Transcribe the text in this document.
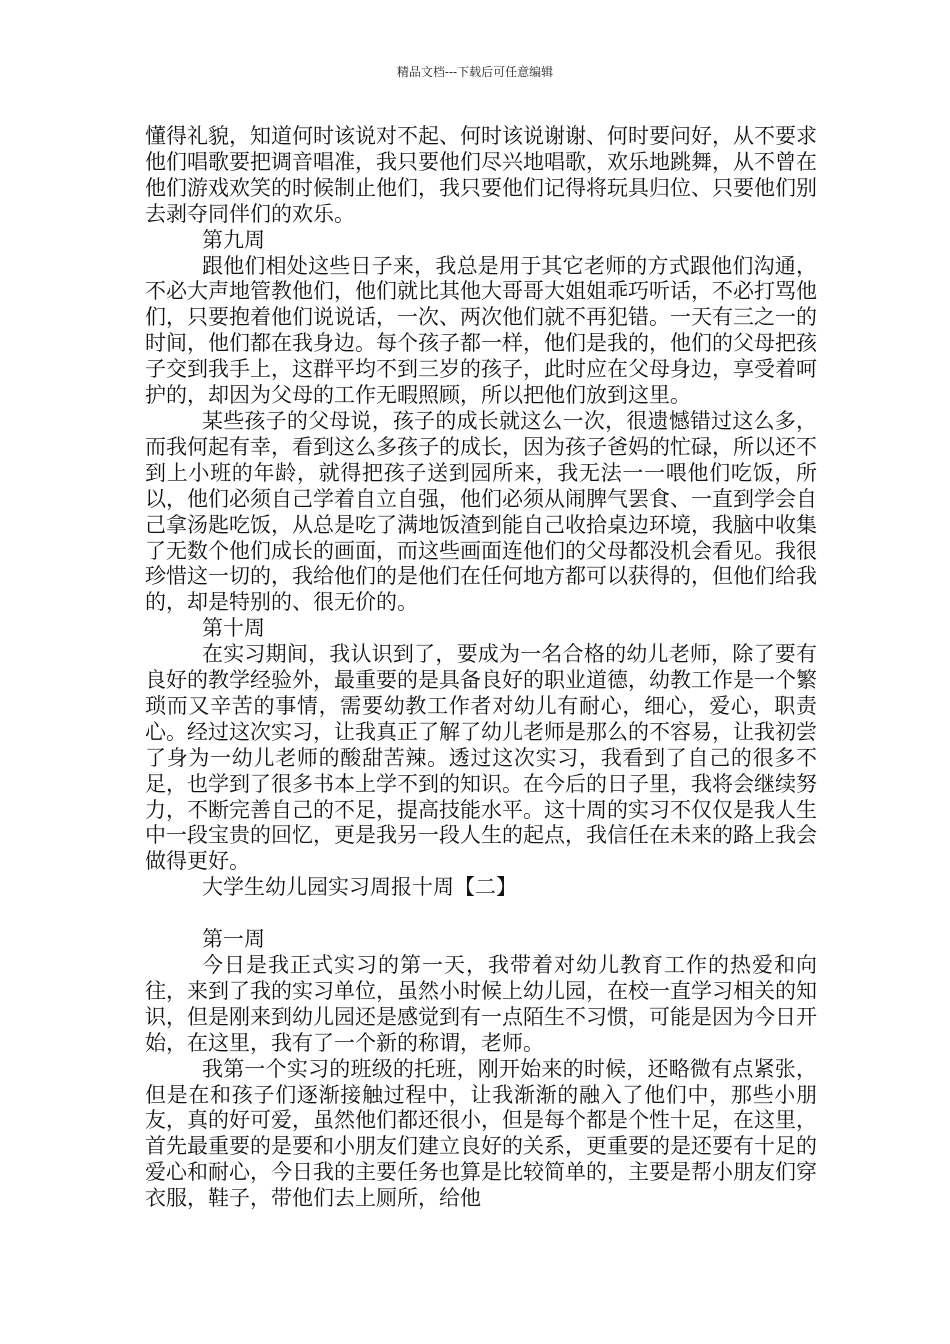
精品文档---下载后可任意编辑

懂得礼貌，知道何时该说对不起、何时该说谢谢、何时要问好，从不要求他们唱歌要把调音唱准，我只要他们尽兴地唱歌，欢乐地跳舞，从不曾在他们游戏欢笑的时候制止他们，我只要他们记得将玩具归位、只要他们别去剥夺同伴们的欢乐。

第九周

跟他们相处这些日子来，我总是用于其它老师的方式跟他们沟通，不必大声地管教他们，他们就比其他大哥哥大姐姐乖巧听话，不必打骂他们，只要抱着他们说说话，一次、两次他们就不再犯错。一天有三之一的时间，他们都在我身边。每个孩子都一样，他们是我的，他们的父母把孩子交到我手上，这群平均不到三岁的孩子，此时应在父母身边，享受着呵护的，却因为父母的工作无暇照顾，所以把他们放到这里。

某些孩子的父母说，孩子的成长就这么一次，很遗憾错过这么多，而我何起有幸，看到这么多孩子的成长，因为孩子爸妈的忙碌，所以还不到上小班的年龄，就得把孩子送到园所来，我无法一一喂他们吃饭，所以，他们必须自己学着自立自强，他们必须从闹脾气罢食、一直到学会自己拿汤匙吃饭，从总是吃了满地饭渣到能自己收拾桌边环境，我脑中收集了无数个他们成长的画面，而这些画面连他们的父母都没机会看见。我很珍惜这一切的，我给他们的是他们在任何地方都可以获得的，但他们给我的，却是特别的、很无价的。

第十周

在实习期间，我认识到了，要成为一名合格的幼儿老师，除了要有良好的教学经验外，最重要的是具备良好的职业道德，幼教工作是一个繁琐而又辛苦的事情，需要幼教工作者对幼儿有耐心，细心，爱心，职责心。经过这次实习，让我真正了解了幼儿老师是那么的不容易，让我初尝了身为一幼儿老师的酸甜苦辣。透过这次实习，我看到了自己的很多不足，也学到了很多书本上学不到的知识。在今后的日子里，我将会继续努力，不断完善自己的不足，提高技能水平。这十周的实习不仅仅是我人生中一段宝贵的回忆，更是我另一段人生的起点，我信任在未来的路上我会做得更好。

大学生幼儿园实习周报十周【二】

第一周

今日是我正式实习的第一天，我带着对幼儿教育工作的热爱和向往，来到了我的实习单位，虽然小时候上幼儿园，在校一直学习相关的知识，但是刚来到幼儿园还是感觉到有一点陌生不习惯，可能是因为今日开始，在这里，我有了一个新的称谓，老师。

我第一个实习的班级的托班，刚开始来的时候，还略微有点紧张，但是在和孩子们逐渐接触过程中，让我渐渐的融入了他们中，那些小朋友，真的好可爱，虽然他们都还很小，但是每个都是个性十足，在这里，首先最重要的是要和小朋友们建立良好的关系，更重要的是还要有十足的爱心和耐心，今日我的主要任务也算是比较简单的，主要是帮小朋友们穿衣服，鞋子，带他们去上厕所，给他
